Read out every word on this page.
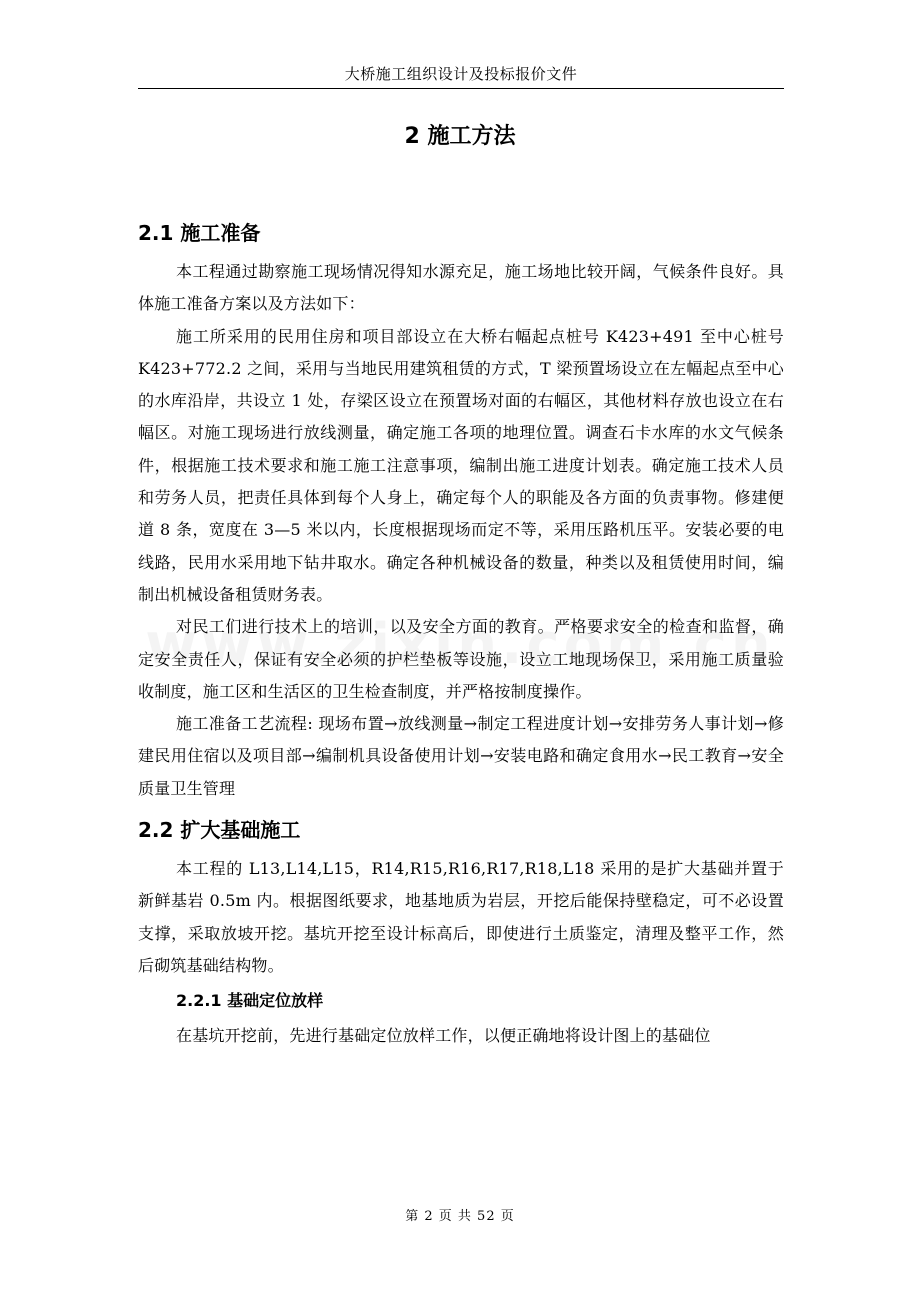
大桥施工组织设计及投标报价文件
2 施工方法
2.1 施工准备

本工程通过勘察施工现场情况得知水源充足，施工场地比较开阔，气候条件良好。具体施工准备方案以及方法如下：

施工所采用的民用住房和项目部设立在大桥右幅起点桩号 K423+491 至中心桩号 K423+772.2 之间，采用与当地民用建筑租赁的方式，T 梁预置场设立在左幅起点至中心的水库沿岸，共设立 1 处，存梁区设立在预置场对面的右幅区，其他材料存放也设立在右幅区。对施工现场进行放线测量，确定施工各项的地理位置。调查石卡水库的水文气候条件，根据施工技术要求和施工施工注意事项，编制出施工进度计划表。确定施工技术人员和劳务人员，把责任具体到每个人身上，确定每个人的职能及各方面的负责事物。修建便道 8 条，宽度在 3—5 米以内，长度根据现场而定不等，采用压路机压平。安装必要的电线路，民用水采用地下钻井取水。确定各种机械设备的数量，种类以及租赁使用时间，编制出机械设备租赁财务表。

对民工们进行技术上的培训，以及安全方面的教育。严格要求安全的检查和监督，确定安全责任人，保证有安全必须的护栏垫板等设施，设立工地现场保卫，采用施工质量验收制度，施工区和生活区的卫生检查制度，并严格按制度操作。

施工准备工艺流程: 现场布置→放线测量→制定工程进度计划→安排劳务人事计划→修建民用住宿以及项目部→编制机具设备使用计划→安装电路和确定食用水→民工教育→安全质量卫生管理

2.2 扩大基础施工

本工程的 L13,L14,L15，R14,R15,R16,R17,R18,L18 采用的是扩大基础并置于新鲜基岩 0.5m 内。根据图纸要求，地基地质为岩层，开挖后能保持壁稳定，可不必设置支撑，采取放坡开挖。基坑开挖至设计标高后，即使进行土质鉴定，清理及整平工作，然后砌筑基础结构物。

2.2.1 基础定位放样

在基坑开挖前，先进行基础定位放样工作，以便正确地将设计图上的基础位

第 2 页 共 52 页
